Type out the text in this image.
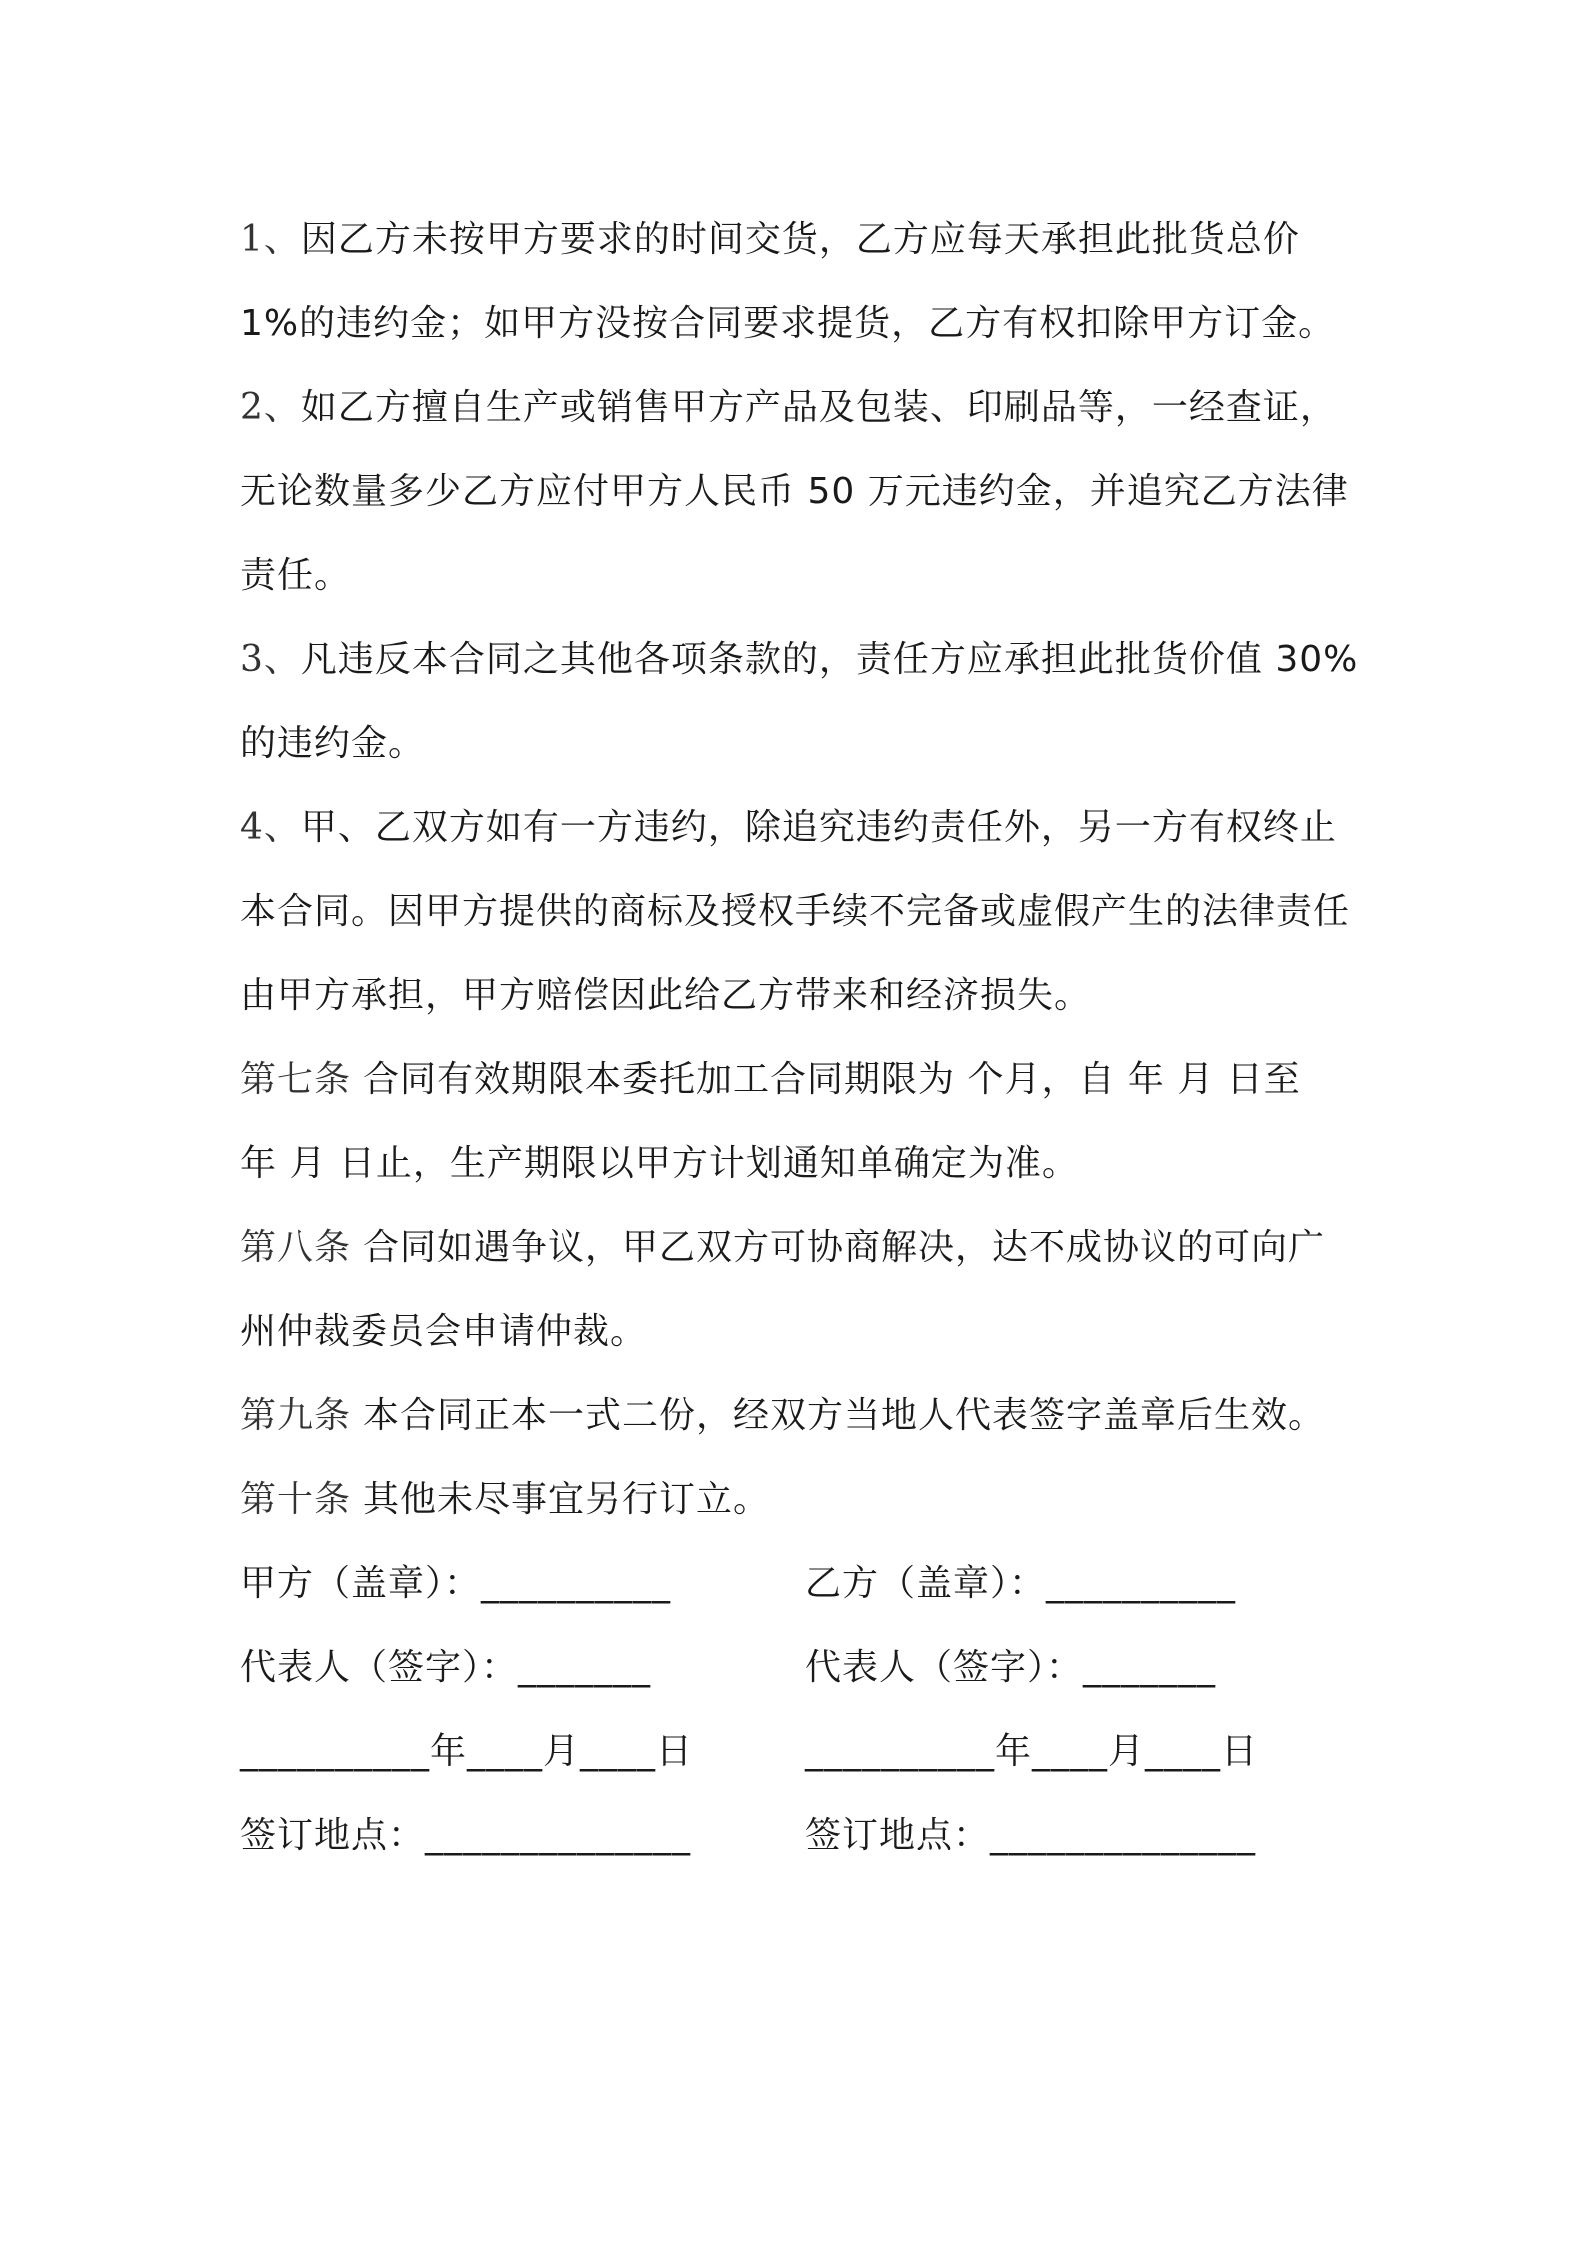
1、因乙方未按甲方要求的时间交货，乙方应每天承担此批货总价
1%的违约金；如甲方没按合同要求提货，乙方有权扣除甲方订金。
2、如乙方擅自生产或销售甲方产品及包装、印刷品等，一经查证，
无论数量多少乙方应付甲方人民币 50 万元违约金，并追究乙方法律
责任。
3、凡违反本合同之其他各项条款的，责任方应承担此批货价值 30%
的违约金。
4、甲、乙双方如有一方违约，除追究违约责任外，另一方有权终止
本合同。因甲方提供的商标及授权手续不完备或虚假产生的法律责任
由甲方承担，甲方赔偿因此给乙方带来和经济损失。
第七条 合同有效期限本委托加工合同期限为 个月，自 年 月 日至
年 月 日止，生产期限以甲方计划通知单确定为准。
第八条 合同如遇争议，甲乙双方可协商解决，达不成协议的可向广
州仲裁委员会申请仲裁。
第九条 本合同正本一式二份，经双方当地人代表签字盖章后生效。
第十条 其他未尽事宜另行订立。
甲方（盖章）：__________	乙方（盖章）：__________
代表人（签字）：_______	代表人（签字）：_______
__________年____月____日	__________年____月____日
签订地点：______________	签订地点：______________
